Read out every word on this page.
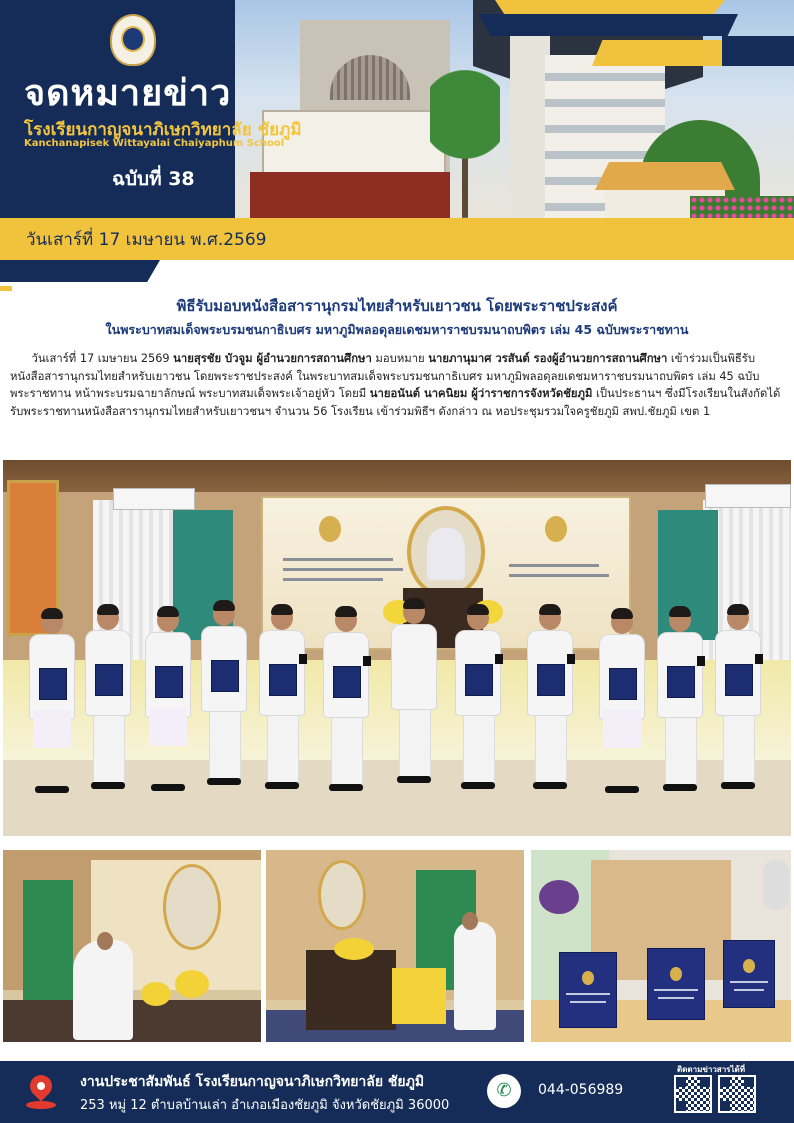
จดหมายข่าว
โรงเรียนกาญจนาภิเษกวิทยาลัย ชัยภูมิ
Kanchanapisek Wittayalai Chaiyaphum School
ฉบับที่ 38
วันเสาร์ที่ 17 เมษายน พ.ศ.2569
พิธีรับมอบหนังสือสารานุกรมไทยสำหรับเยาวชน โดยพระราชประสงค์
ในพระบาทสมเด็จพระบรมชนกาธิเบศร มหาภูมิพลอดุลยเดชมหาราชบรมนาถบพิตร เล่ม 45 ฉบับพระราชทาน
วันเสาร์ที่ 17 เมษายน 2569 นายสุรชัย บัวจูม ผู้อำนวยการสถานศึกษา มอบหมาย นายภานุมาศ วรสันต์ รองผู้อำนวยการสถานศึกษา เข้าร่วมเป็นพิธีรับหนังสือสารานุกรมไทยสำหรับเยาวชน โดยพระราชประสงค์ ในพระบาทสมเด็จพระบรมชนกาธิเบศร มหาภูมิพลอดุลยเดชมหาราชบรมนาถบพิตร เล่ม 45 ฉบับพระราชทาน หน้าพระบรมฉายาลักษณ์ พระบาทสมเด็จพระเจ้าอยู่หัว โดยมี นายอนันต์ นาคนิยม ผู้ว่าราชการจังหวัดชัยภูมิ เป็นประธานฯ ซึ่งมีโรงเรียนในสังกัดได้รับพระราชทานหนังสือสารานุกรมไทยสำหรับเยาวชนฯ จำนวน 56 โรงเรียน เข้าร่วมพิธีฯ ดังกล่าว ณ หอประชุมรวมใจครูชัยภูมิ สพป.ชัยภูมิ เขต 1
งานประชาสัมพันธ์ โรงเรียนกาญจนาภิเษกวิทยาลัย ชัยภูมิ
253 หมู่ 12 ตำบลบ้านเล่า อำเภอเมืองชัยภูมิ จังหวัดชัยภูมิ 36000
✆	044-056989
ติดตามข่าวสารได้ที่
